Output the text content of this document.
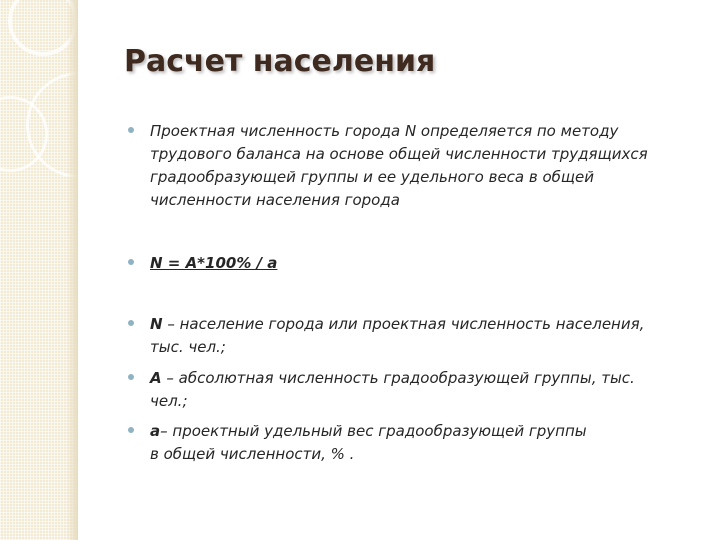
Расчет населения
Проектная численность города N определяется по методу
трудового баланса на основе общей численности трудящихся
градообразующей группы и ее удельного веса в общей
численности населения города
N = A*100% / a
N – население города или проектная численность населения,
тыс. чел.;
А – абсолютная численность градообразующей группы, тыс.
чел.;
a– проектный удельный вес градообразующей группы
в общей численности, % .
